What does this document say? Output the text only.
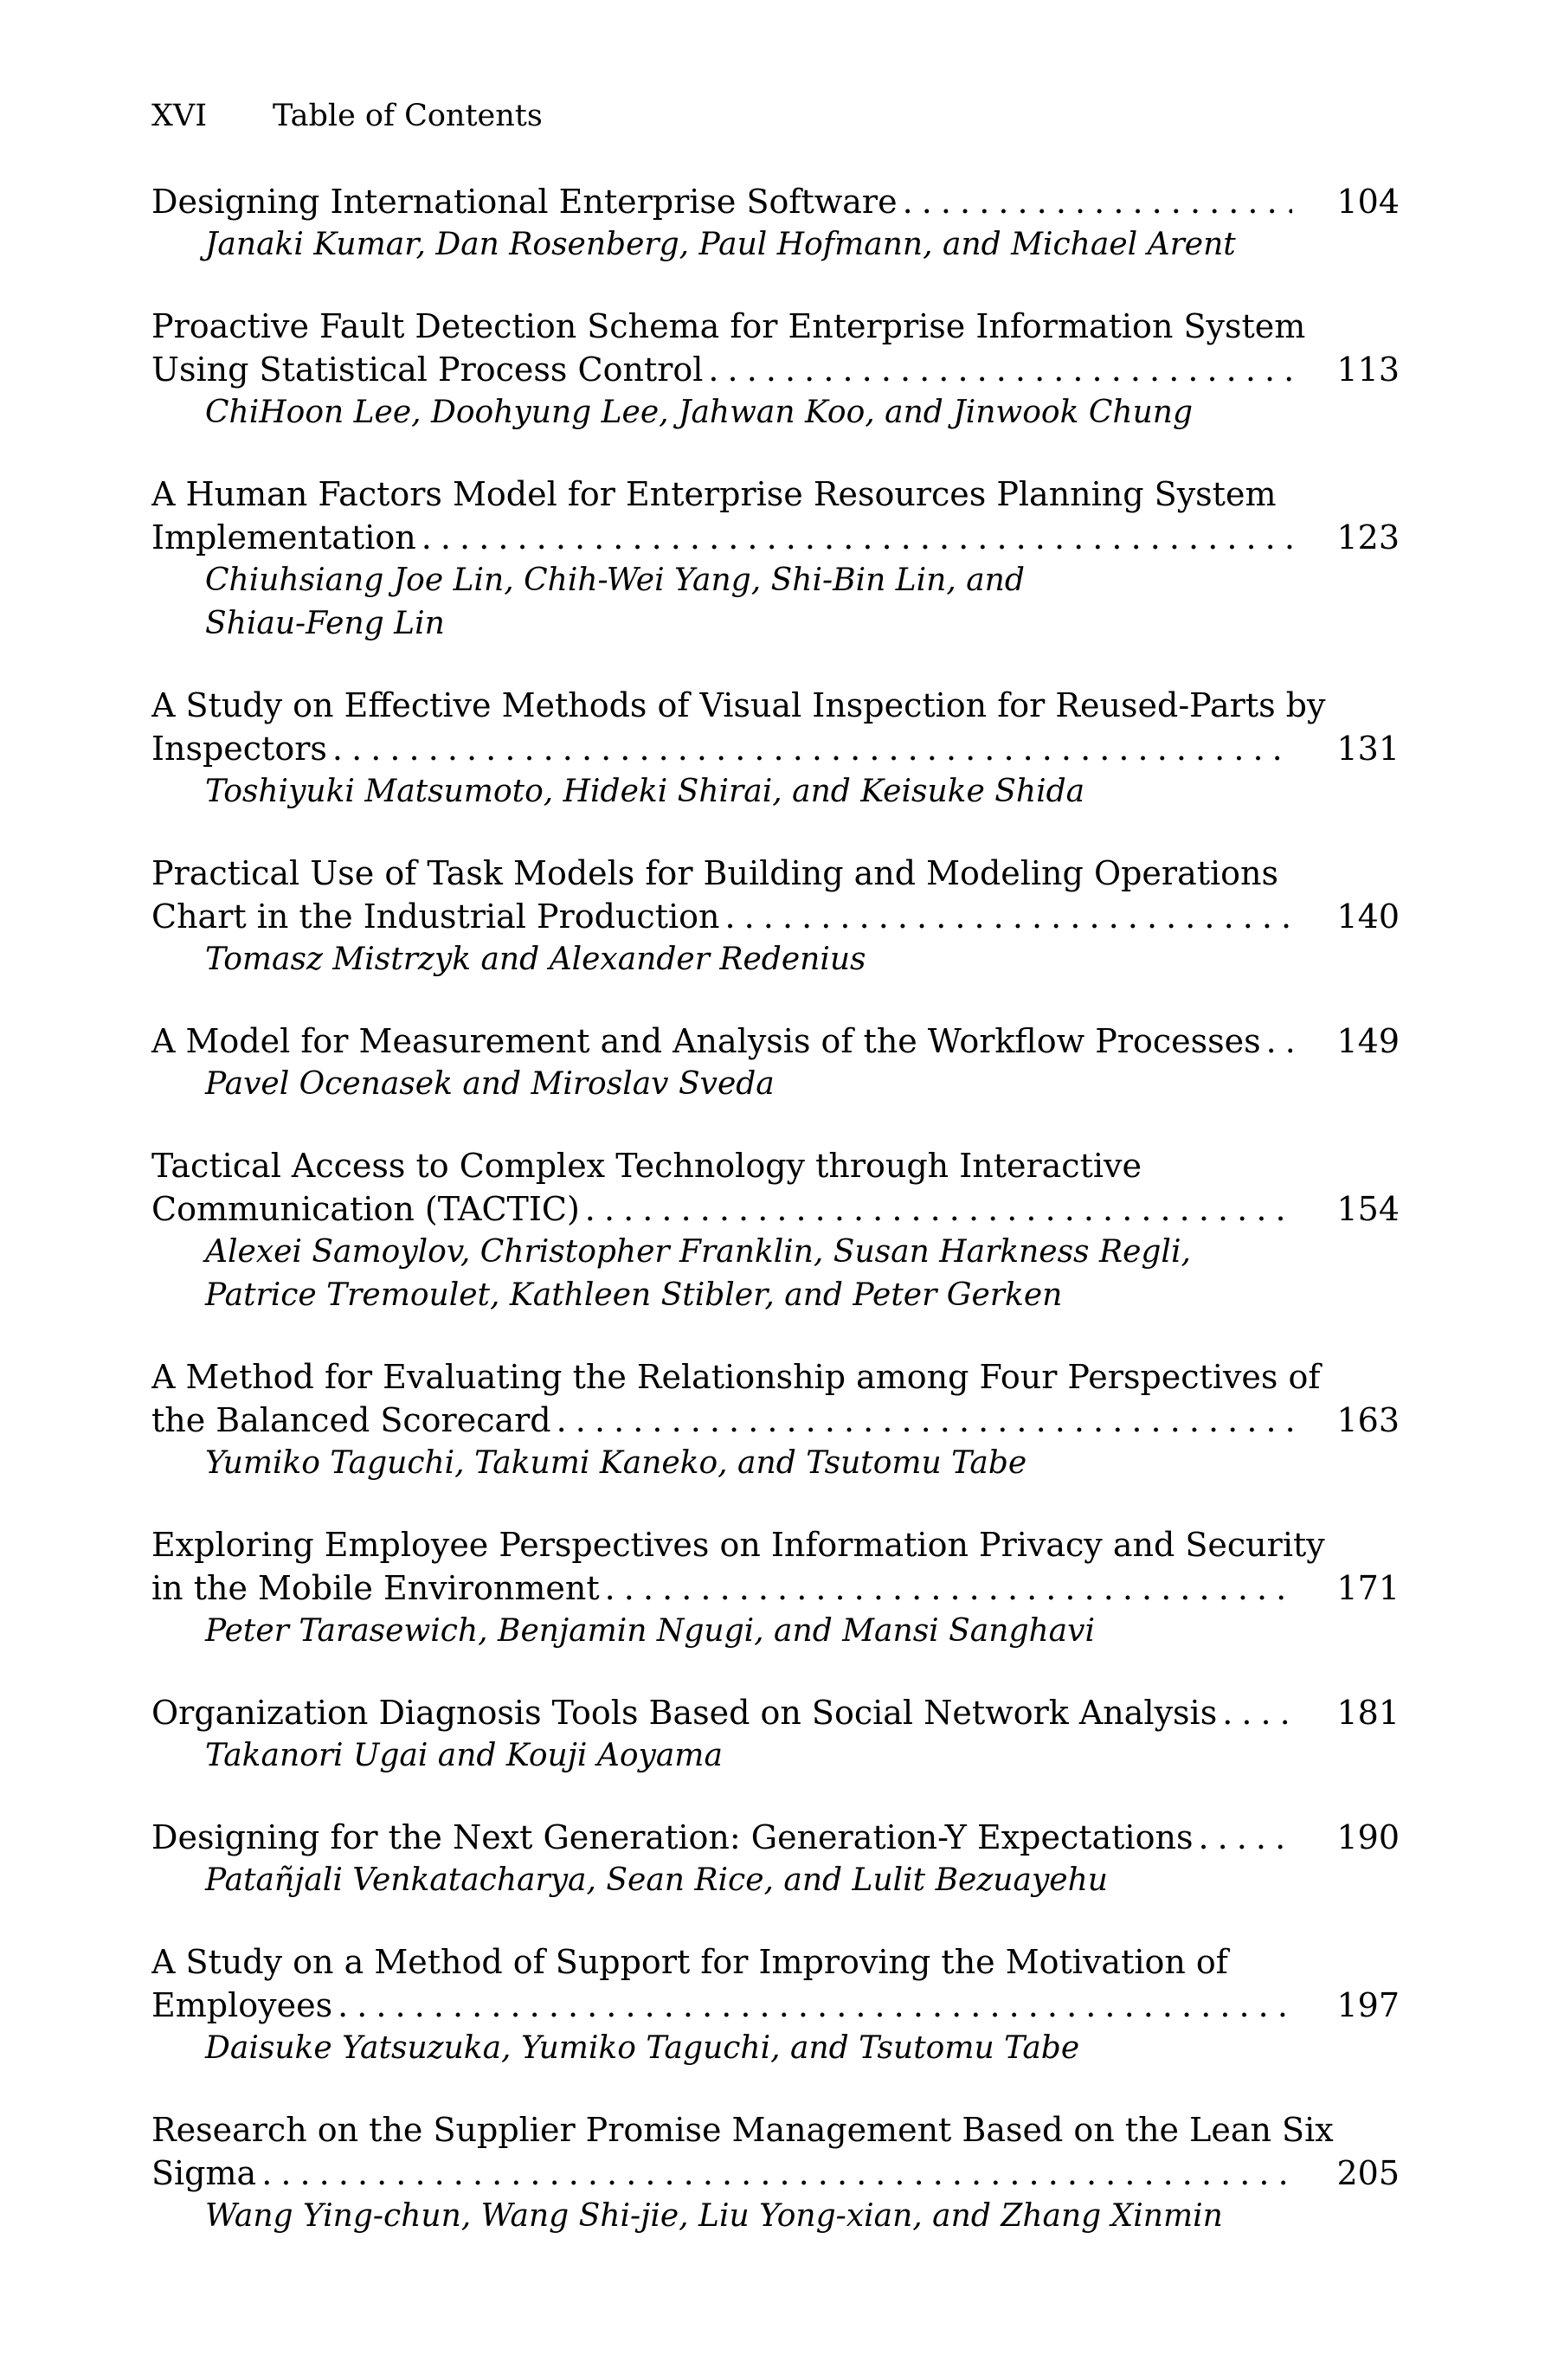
XVI Table of Contents
Designing International Enterprise Software . . .	104
Janaki Kumar, Dan Rosenberg, Paul Hofmann, and Michael Arent
Proactive Fault Detection Schema for Enterprise Information System
Using Statistical Process Control . . .	113
ChiHoon Lee, Doohyung Lee, Jahwan Koo, and Jinwook Chung
A Human Factors Model for Enterprise Resources Planning System
Implementation . . .	123
Chiuhsiang Joe Lin, Chih-Wei Yang, Shi-Bin Lin, and
Shiau-Feng Lin
A Study on Effective Methods of Visual Inspection for Reused-Parts by
Inspectors . . .	131
Toshiyuki Matsumoto, Hideki Shirai, and Keisuke Shida
Practical Use of Task Models for Building and Modeling Operations
Chart in the Industrial Production . . .	140
Tomasz Mistrzyk and Alexander Redenius
A Model for Measurement and Analysis of the Workflow Processes . . .	149
Pavel Ocenasek and Miroslav Sveda
Tactical Access to Complex Technology through Interactive
Communication (TACTIC) . . .	154
Alexei Samoylov, Christopher Franklin, Susan Harkness Regli,
Patrice Tremoulet, Kathleen Stibler, and Peter Gerken
A Method for Evaluating the Relationship among Four Perspectives of
the Balanced Scorecard . . .	163
Yumiko Taguchi, Takumi Kaneko, and Tsutomu Tabe
Exploring Employee Perspectives on Information Privacy and Security
in the Mobile Environment . . .	171
Peter Tarasewich, Benjamin Ngugi, and Mansi Sanghavi
Organization Diagnosis Tools Based on Social Network Analysis . . .	181
Takanori Ugai and Kouji Aoyama
Designing for the Next Generation: Generation-Y Expectations . . .	190
Patañjali Venkatacharya, Sean Rice, and Lulit Bezuayehu
A Study on a Method of Support for Improving the Motivation of
Employees . . .	197
Daisuke Yatsuzuka, Yumiko Taguchi, and Tsutomu Tabe
Research on the Supplier Promise Management Based on the Lean Six
Sigma . . .	205
Wang Ying-chun, Wang Shi-jie, Liu Yong-xian, and Zhang Xinmin
